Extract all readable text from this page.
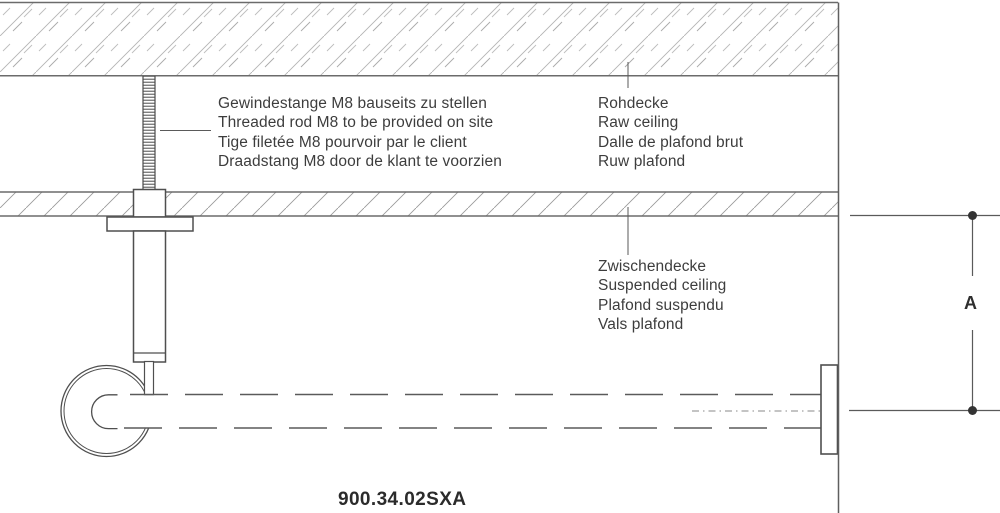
Gewindestange M8 bauseits zu stellen
Threaded rod M8 to be provided on site
Tige filetée M8 pourvoir par le client
Draadstang M8 door de klant te voorzien
Rohdecke
Raw ceiling
Dalle de plafond brut
Ruw plafond
Zwischendecke
Suspended ceiling
Plafond suspendu
Vals plafond
A
900.34.02SXA
